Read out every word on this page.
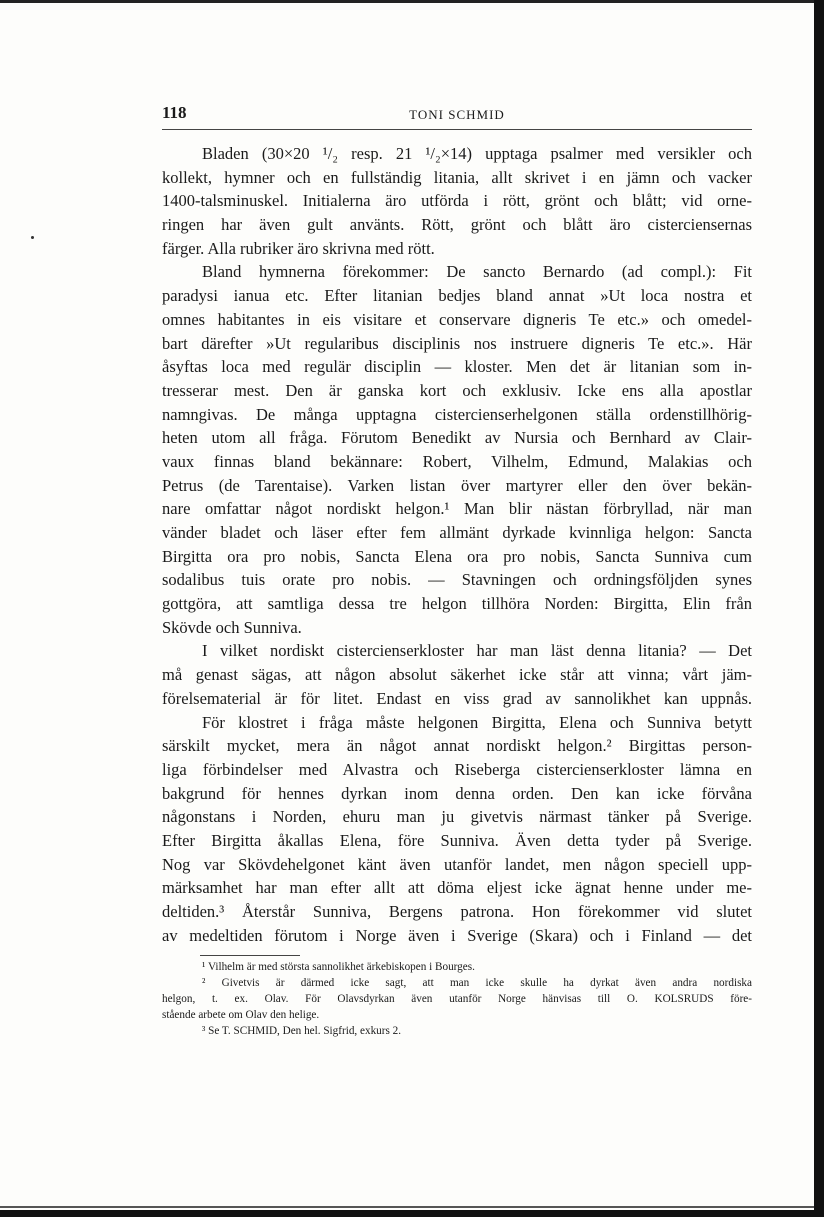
118	TONI SCHMID
Bladen (30×20 ¹/₂ resp. 21 ¹/₂×14) upptaga psalmer med versikler och
kollekt, hymner och en fullständig litania, allt skrivet i en jämn och vacker
1400-talsminuskel. Initialerna äro utförda i rött, grönt och blått; vid orne-
ringen har även gult använts. Rött, grönt och blått äro cisterciensernas
färger. Alla rubriker äro skrivna med rött.
Bland hymnerna förekommer: De sancto Bernardo (ad compl.): Fit
paradysi ianua etc. Efter litanian bedjes bland annat »Ut loca nostra et
omnes habitantes in eis visitare et conservare digneris Te etc.» och omedel-
bart därefter »Ut regularibus disciplinis nos instruere digneris Te etc.». Här
åsyftas loca med regulär disciplin — kloster. Men det är litanian som in-
tresserar mest. Den är ganska kort och exklusiv. Icke ens alla apostlar
namngivas. De många upptagna cistercienserhelgonen ställa ordenstillhörig-
heten utom all fråga. Förutom Benedikt av Nursia och Bernhard av Clair-
vaux finnas bland bekännare: Robert, Vilhelm, Edmund, Malakias och
Petrus (de Tarentaise). Varken listan över martyrer eller den över bekän-
nare omfattar något nordiskt helgon.¹ Man blir nästan förbryllad, när man
vänder bladet och läser efter fem allmänt dyrkade kvinnliga helgon: Sancta
Birgitta ora pro nobis, Sancta Elena ora pro nobis, Sancta Sunniva cum
sodalibus tuis orate pro nobis. — Stavningen och ordningsföljden synes
gottgöra, att samtliga dessa tre helgon tillhöra Norden: Birgitta, Elin från
Skövde och Sunniva.
I vilket nordiskt cistercienserkloster har man läst denna litania? — Det
må genast sägas, att någon absolut säkerhet icke står att vinna; vårt jäm-
förelsematerial är för litet. Endast en viss grad av sannolikhet kan uppnås.
För klostret i fråga måste helgonen Birgitta, Elena och Sunniva betytt
särskilt mycket, mera än något annat nordiskt helgon.² Birgittas person-
liga förbindelser med Alvastra och Riseberga cistercienserkloster lämna en
bakgrund för hennes dyrkan inom denna orden. Den kan icke förvåna
någonstans i Norden, ehuru man ju givetvis närmast tänker på Sverige.
Efter Birgitta åkallas Elena, före Sunniva. Även detta tyder på Sverige.
Nog var Skövdehelgonet känt även utanför landet, men någon speciell upp-
märksamhet har man efter allt att döma eljest icke ägnat henne under me-
deltiden.³ Återstår Sunniva, Bergens patrona. Hon förekommer vid slutet
av medeltiden förutom i Norge även i Sverige (Skara) och i Finland — det
¹ Vilhelm är med största sannolikhet ärkebiskopen i Bourges.
² Givetvis är därmed icke sagt, att man icke skulle ha dyrkat även andra nordiska
helgon, t. ex. Olav. För Olavsdyrkan även utanför Norge hänvisas till O. KOLSRUDS före-
stående arbete om Olav den helige.
³ Se T. SCHMID, Den hel. Sigfrid, exkurs 2.
